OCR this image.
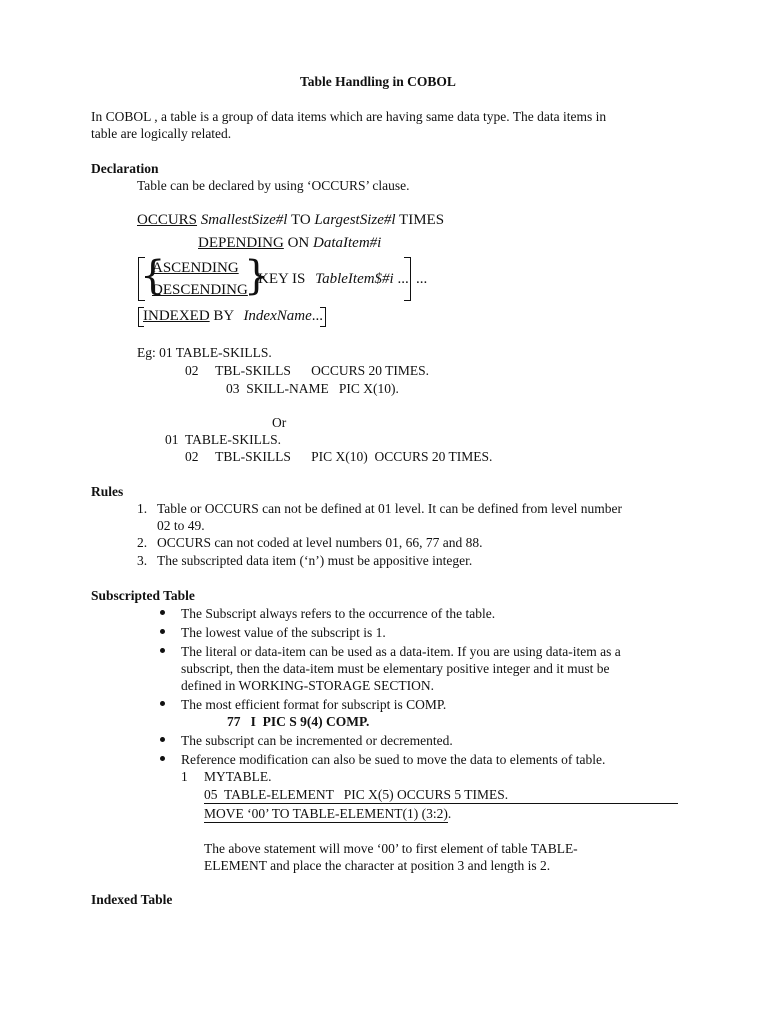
Table Handling in COBOL
In COBOL , a table is a group of data items which are having same data type. The data items in
table are logically related.
Declaration
Table can be declared by using ‘OCCURS’ clause.
OCCURS SmallestSize#l TO LargestSize#l TIMES
DEPENDING ON DataItem#i
{
ASCENDING
DESCENDING
}
KEY IS TableItem$#i ... ...
INDEXED BY IndexName...
Eg: 01 TABLE-SKILLS.
02     TBL-SKILLS      OCCURS 20 TIMES.
03  SKILL-NAME   PIC X(10).
Or
01  TABLE-SKILLS.
02     TBL-SKILLS      PIC X(10)  OCCURS 20 TIMES.
Rules
1. Table or OCCURS can not be defined at 01 level. It can be defined from level number
02 to 49.
2. OCCURS can not coded at level numbers 01, 66, 77 and 88.
3. The subscripted data item (‘n’) must be appositive integer.
Subscripted Table
The Subscript always refers to the occurrence of the table.
The lowest value of the subscript is 1.
The literal or data-item can be used as a data-item. If you are using data-item as a
subscript, then the data-item must be elementary positive integer and it must be
defined in WORKING-STORAGE SECTION.
The most efficient format for subscript is COMP.
77   I  PIC S 9(4) COMP.
The subscript can be incremented or decremented.
Reference modification can also be sued to move the data to elements of table.
1 MYTABLE.
05  TABLE-ELEMENT   PIC X(5) OCCURS 5 TIMES.
MOVE ‘00’ TO TABLE-ELEMENT(1) (3:2).
The above statement will move ‘00’ to first element of table TABLE-
ELEMENT and place the character at position 3 and length is 2.
Indexed Table
